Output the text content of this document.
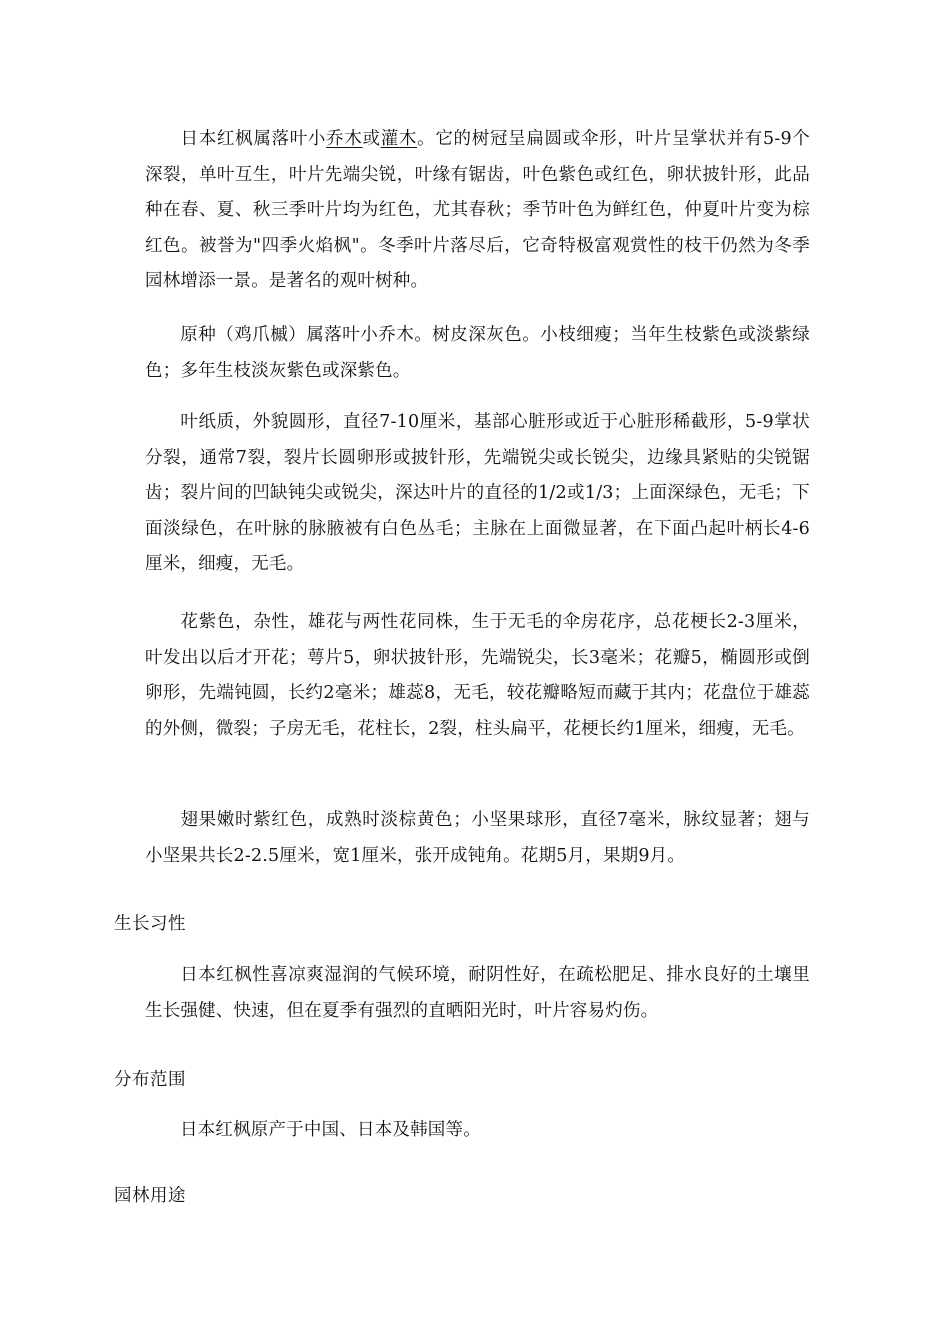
日本红枫属落叶小乔木或灌木。它的树冠呈扁圆或伞形，叶片呈掌状并有5-9个深裂，单叶互生，叶片先端尖锐，叶缘有锯齿，叶色紫色或红色，卵状披针形，此品种在春、夏、秋三季叶片均为红色，尤其春秋；季节叶色为鲜红色，仲夏叶片变为棕红色。被誉为"四季火焰枫"。冬季叶片落尽后，它奇特极富观赏性的枝干仍然为冬季园林增添一景。是著名的观叶树种。

原种（鸡爪槭）属落叶小乔木。树皮深灰色。小枝细瘦；当年生枝紫色或淡紫绿色；多年生枝淡灰紫色或深紫色。

叶纸质，外貌圆形，直径7-10厘米，基部心脏形或近于心脏形稀截形，5-9掌状分裂，通常7裂，裂片长圆卵形或披针形，先端锐尖或长锐尖，边缘具紧贴的尖锐锯齿；裂片间的凹缺钝尖或锐尖，深达叶片的直径的1/2或1/3；上面深绿色，无毛；下面淡绿色，在叶脉的脉腋被有白色丛毛；主脉在上面微显著，在下面凸起叶柄长4-6厘米，细瘦，无毛。

花紫色，杂性，雄花与两性花同株，生于无毛的伞房花序，总花梗长2-3厘米，叶发出以后才开花；萼片5，卵状披针形，先端锐尖，长3毫米；花瓣5，椭圆形或倒卵形，先端钝圆，长约2毫米；雄蕊8，无毛，较花瓣略短而藏于其内；花盘位于雄蕊的外侧，微裂；子房无毛，花柱长，2裂，柱头扁平，花梗长约1厘米，细瘦，无毛。

翅果嫩时紫红色，成熟时淡棕黄色；小坚果球形，直径7毫米，脉纹显著；翅与小坚果共长2-2.5厘米，宽1厘米，张开成钝角。花期5月，果期9月。

生长习性

日本红枫性喜凉爽湿润的气候环境，耐阴性好，在疏松肥足、排水良好的土壤里生长强健、快速，但在夏季有强烈的直晒阳光时，叶片容易灼伤。

分布范围

日本红枫原产于中国、日本及韩国等。

园林用途
